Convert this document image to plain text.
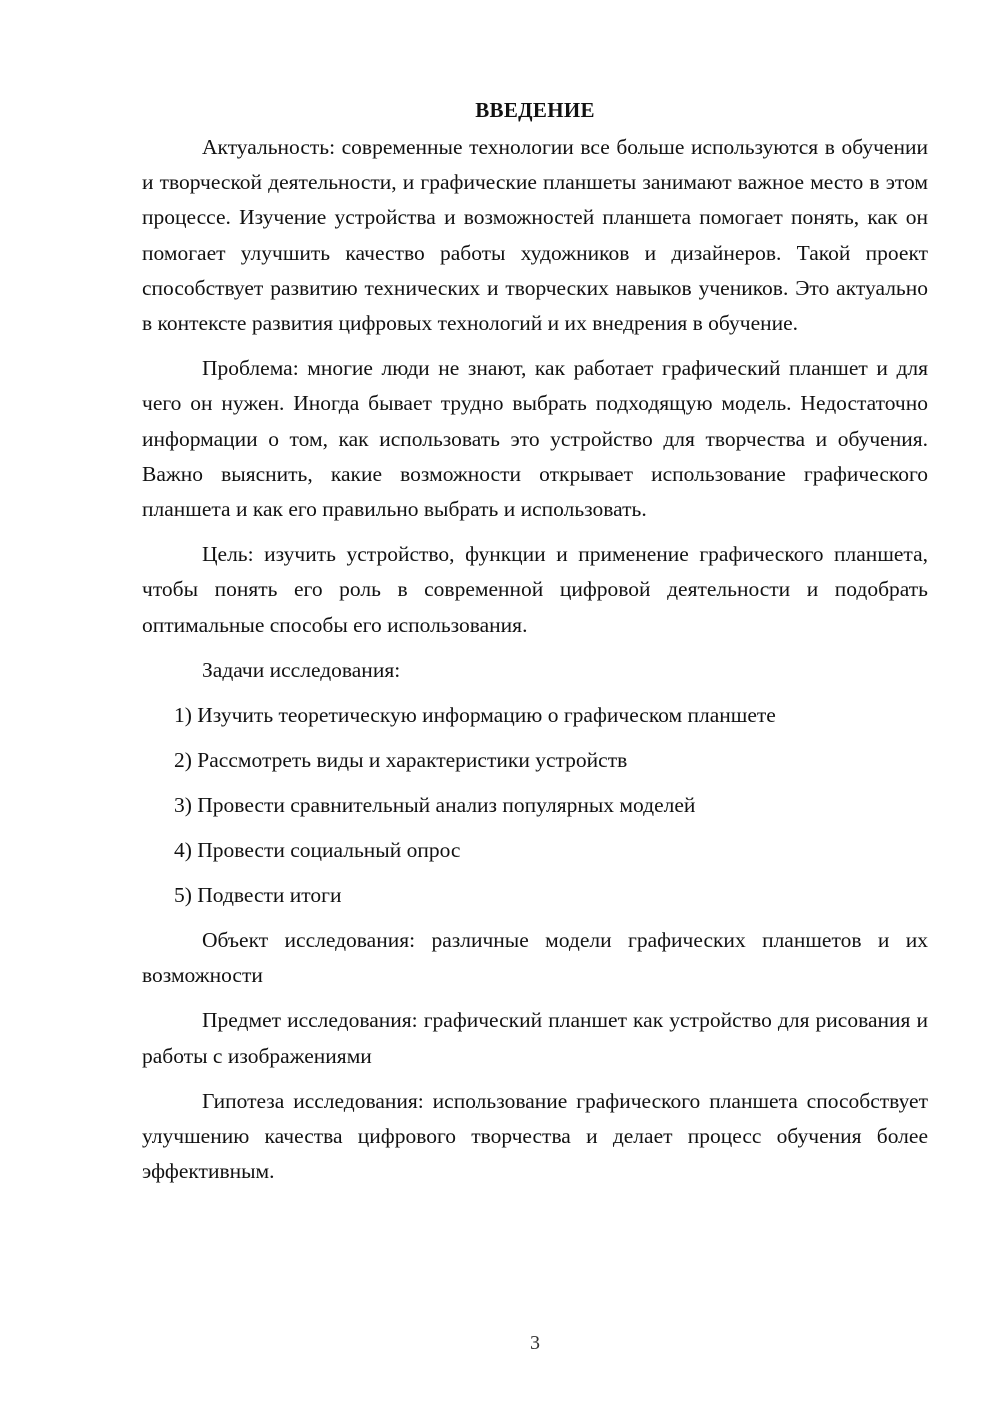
ВВЕДЕНИЕ

Актуальность: современные технологии все больше используются в обучении и творческой деятельности, и графические планшеты занимают важное место в этом процессе. Изучение устройства и возможностей планшета помогает понять, как он помогает улучшить качество работы художников и дизайнеров. Такой проект способствует развитию технических и творческих навыков учеников. Это актуально в контексте развития цифровых технологий и их внедрения в обучение.

Проблема: многие люди не знают, как работает графический планшет и для чего он нужен. Иногда бывает трудно выбрать подходящую модель. Недостаточно информации о том, как использовать это устройство для творчества и обучения. Важно выяснить, какие возможности открывает использование графического планшета и как его правильно выбрать и использовать.

Цель: изучить устройство, функции и применение графического планшета, чтобы понять его роль в современной цифровой деятельности и подобрать оптимальные способы его использования.

Задачи исследования:

1) Изучить теоретическую информацию о графическом планшете
2) Рассмотреть виды и характеристики устройств
3) Провести сравнительный анализ популярных моделей
4) Провести социальный опрос
5) Подвести итоги

Объект исследования: различные модели графических планшетов и их возможности

Предмет исследования: графический планшет как устройство для рисования и работы с изображениями

Гипотеза исследования: использование графического планшета способствует улучшению качества цифрового творчества и делает процесс обучения более эффективным.

3
